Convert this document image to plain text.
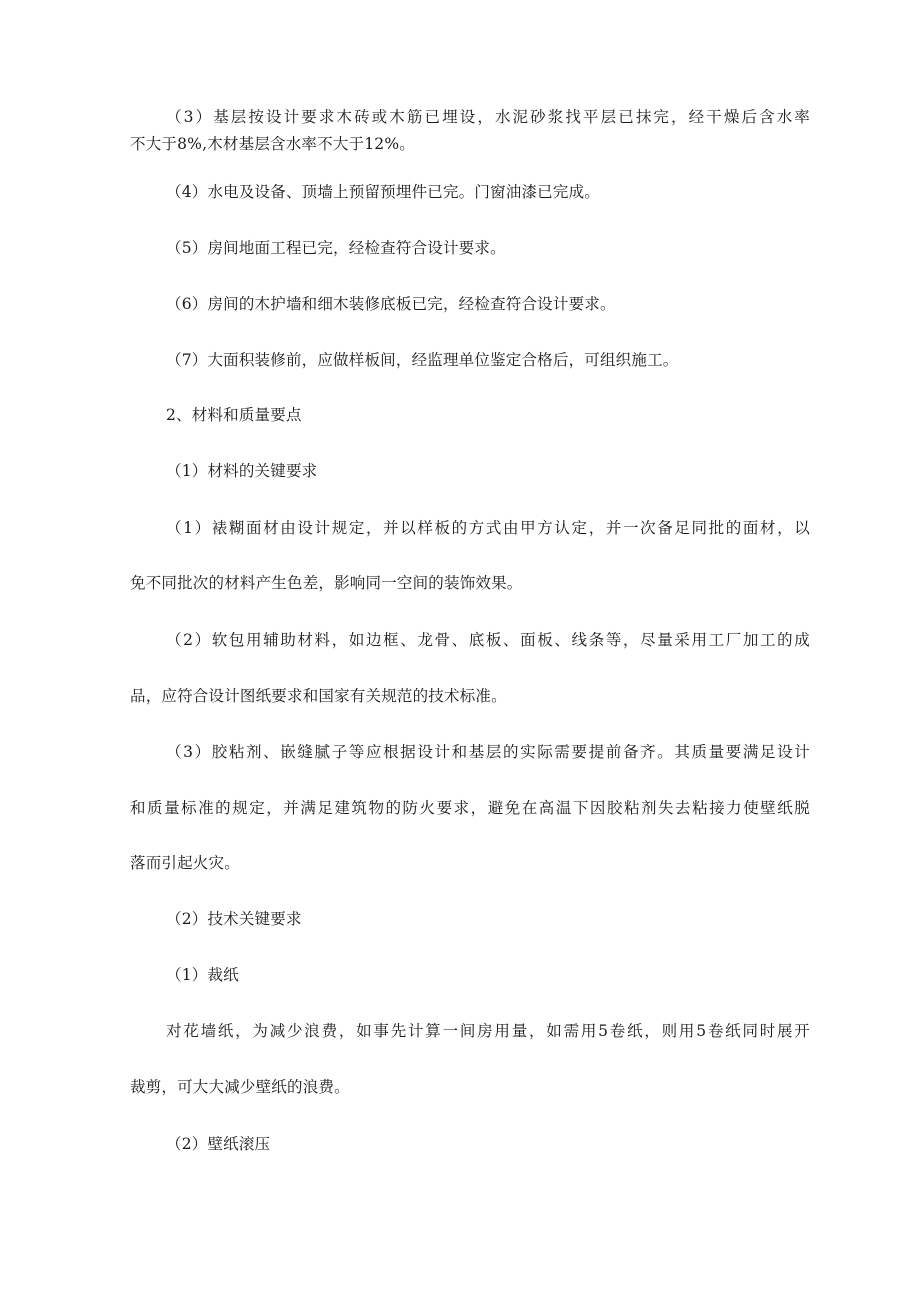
（3）基层按设计要求木砖或木筋已埋设，水泥砂浆找平层已抹完，经干燥后含水率
不大于8%,木材基层含水率不大于12%。
（4）水电及设备、顶墙上预留预埋件已完。门窗油漆已完成。
（5）房间地面工程已完，经检查符合设计要求。
（6）房间的木护墙和细木装修底板已完，经检查符合设计要求。
（7）大面积装修前，应做样板间，经监理单位鉴定合格后，可组织施工。
2、材料和质量要点
（1）材料的关键要求
（1）裱糊面材由设计规定，并以样板的方式由甲方认定，并一次备足同批的面材，以
免不同批次的材料产生色差，影响同一空间的装饰效果。
（2）软包用辅助材料，如边框、龙骨、底板、面板、线条等，尽量采用工厂加工的成
品，应符合设计图纸要求和国家有关规范的技术标准。
（3）胶粘剂、嵌缝腻子等应根据设计和基层的实际需要提前备齐。其质量要满足设计
和质量标准的规定，并满足建筑物的防火要求，避免在高温下因胶粘剂失去粘接力使壁纸脱
落而引起火灾。
（2）技术关键要求
（1）裁纸
对花墙纸，为减少浪费，如事先计算一间房用量，如需用5卷纸，则用5卷纸同时展开
裁剪，可大大减少壁纸的浪费。
（2）壁纸滚压
